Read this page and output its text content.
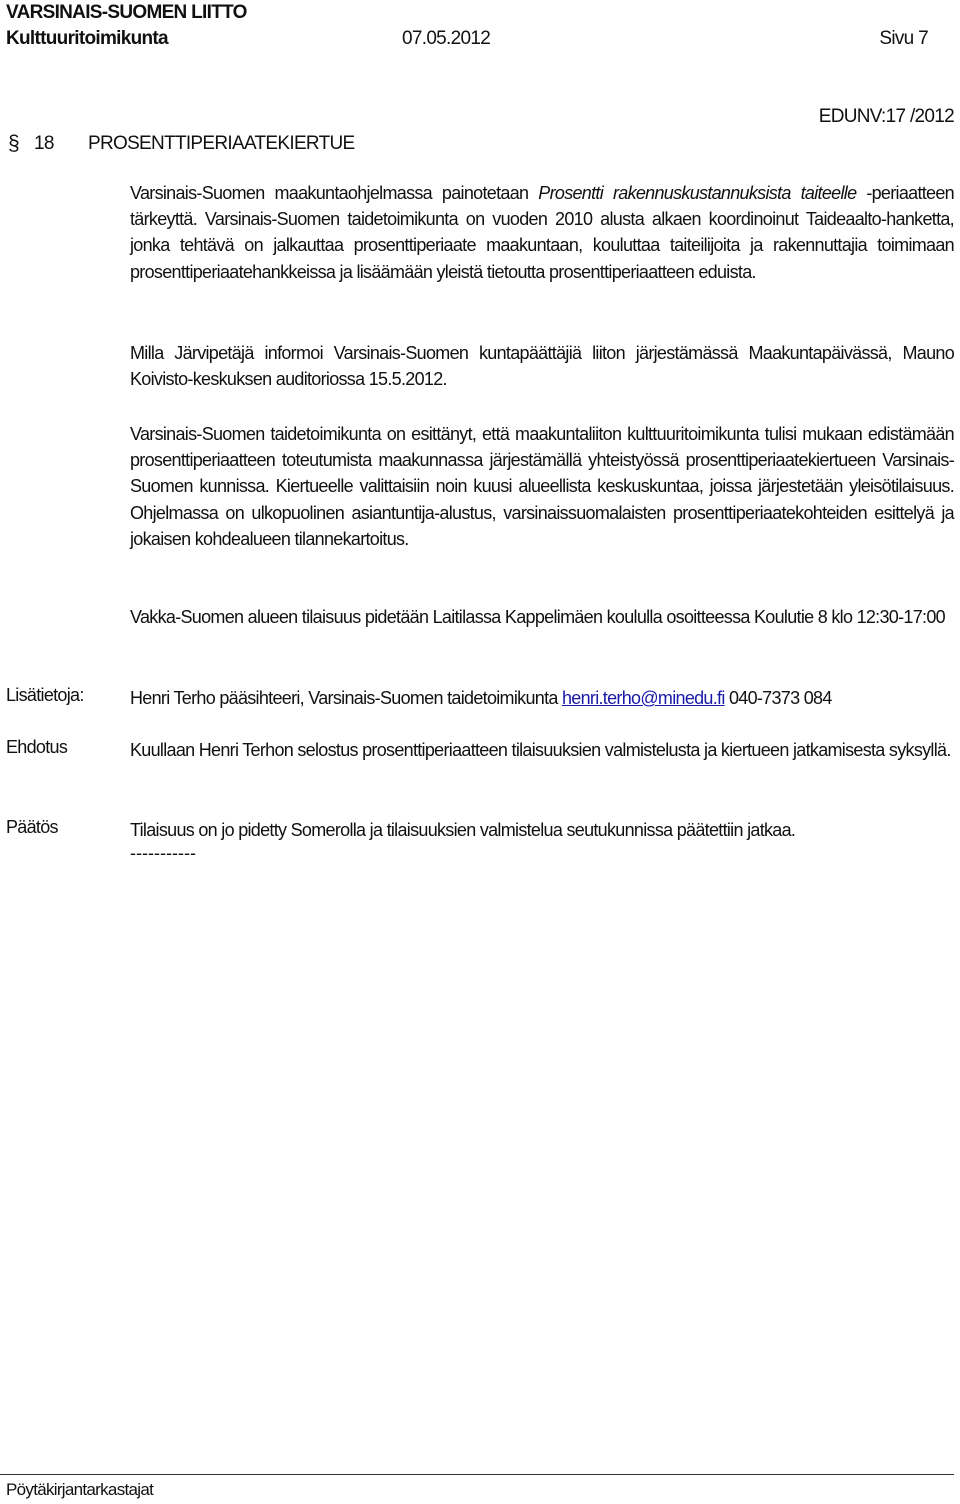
VARSINAIS-SUOMEN LIITTO
Kulttuuritoimikunta	07.05.2012	Sivu 7
EDUNV:17 /2012
§ 18 PROSENTTIPERIAATEKIERTUE
Varsinais-Suomen maakuntaohjelmassa painotetaan Prosentti rakennuskustannuksista taiteelle -periaatteen tärkeyttä. Varsinais-Suomen taidetoimikunta on vuoden 2010 alusta alkaen koordinoinut Taideaalto-hanketta, jonka tehtävä on jalkauttaa prosenttiperiaate maakuntaan, kouluttaa taiteilijoita ja rakennuttajia toimimaan prosenttiperiaatehankkeissa ja lisäämään yleistä tietoutta prosenttiperiaatteen eduista.
Milla Järvipetäjä informoi Varsinais-Suomen kuntapäättäjiä liiton järjestämässä Maakuntapäivässä, Mauno Koivisto-keskuksen auditoriossa 15.5.2012.
Varsinais-Suomen taidetoimikunta on esittänyt, että maakuntaliiton kulttuuritoimikunta tulisi mukaan edistämään prosenttiperiaatteen toteutumista maakunnassa järjestämällä yhteistyössä prosenttiperiaatekiertueen Varsinais-Suomen kunnissa. Kiertueelle valittaisiin noin kuusi alueellista keskuskuntaa, joissa järjestetään yleisötilaisuus. Ohjelmassa on ulkopuolinen asiantuntija-alustus, varsinaissuomalaisten prosenttiperiaatekohteiden esittelyä ja jokaisen kohdealueen tilannekartoitus.
Vakka-Suomen alueen tilaisuus pidetään Laitilassa Kappelimäen koululla osoitteessa Koulutie 8 klo 12:30-17:00
Lisätietoja:	Henri Terho pääsihteeri, Varsinais-Suomen taidetoimikunta henri.terho@minedu.fi 040-7373 084
Ehdotus	Kuullaan Henri Terhon selostus prosenttiperiaatteen tilaisuuksien valmistelusta ja kiertueen jatkamisesta syksyllä.
Päätös	Tilaisuus on jo pidetty Somerolla ja tilaisuuksien valmistelua seutukunnissa päätettiin jatkaa.
-----------
Pöytäkirjantarkastajat
